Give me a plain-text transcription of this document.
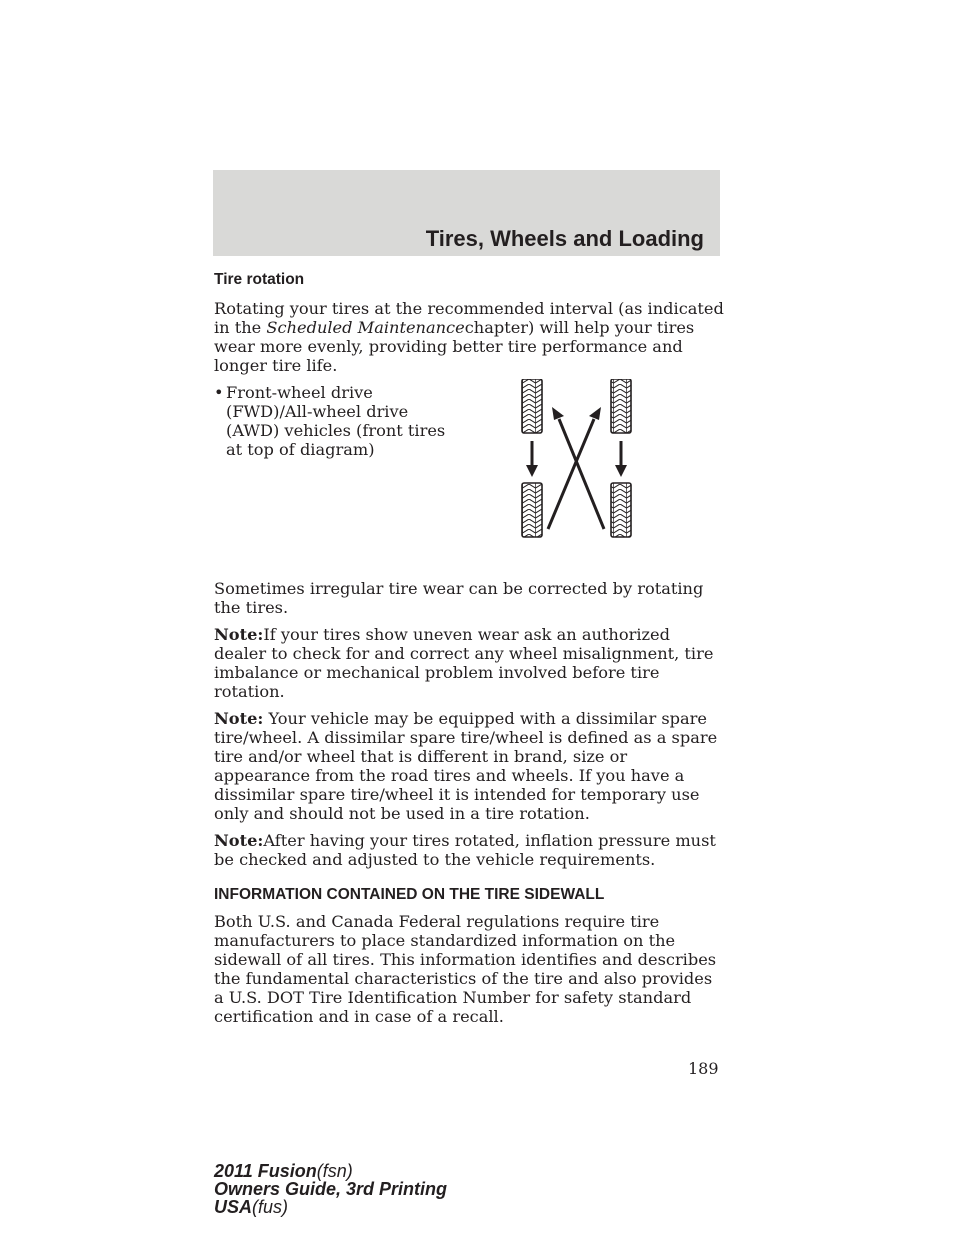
Tires, Wheels and Loading
Tire rotation

Rotating your tires at the recommended interval (as indicated in the Scheduled Maintenancechapter) will help your tires wear more evenly, providing better tire performance and longer tire life.

• Front-wheel drive (FWD)/All-wheel drive (AWD) vehicles (front tires at top of diagram)

Sometimes irregular tire wear can be corrected by rotating the tires.

Note:If your tires show uneven wear ask an authorized dealer to check for and correct any wheel misalignment, tire imbalance or mechanical problem involved before tire rotation.

Note: Your vehicle may be equipped with a dissimilar spare tire/wheel. A dissimilar spare tire/wheel is defined as a spare tire and/or wheel that is different in brand, size or appearance from the road tires and wheels. If you have a dissimilar spare tire/wheel it is intended for temporary use only and should not be used in a tire rotation.

Note:After having your tires rotated, inflation pressure must be checked and adjusted to the vehicle requirements.

INFORMATION CONTAINED ON THE TIRE SIDEWALL

Both U.S. and Canada Federal regulations require tire manufacturers to place standardized information on the sidewall of all tires. This information identifies and describes the fundamental characteristics of the tire and also provides a U.S. DOT Tire Identification Number for safety standard certification and in case of a recall.

189
2011 Fusion(fsn)
Owners Guide, 3rd Printing
USA(fus)
